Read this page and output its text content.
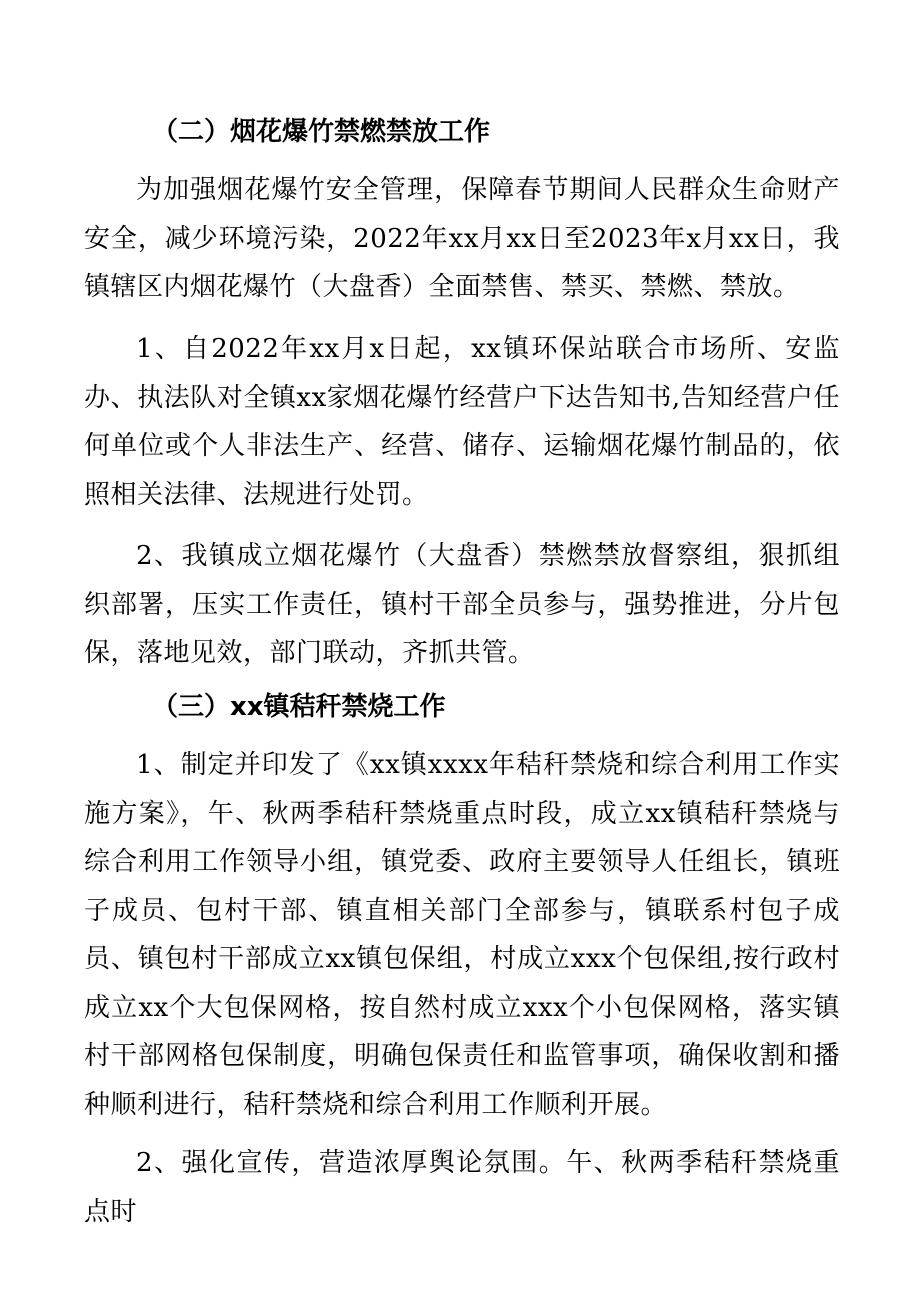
（二）烟花爆竹禁燃禁放工作

为加强烟花爆竹安全管理，保障春节期间人民群众生命财产安全，减少环境污染，2022年xx月xx日至2023年x月xx日，我镇辖区内烟花爆竹（大盘香）全面禁售、禁买、禁燃、禁放。

1、自2022年xx月x日起，xx镇环保站联合市场所、安监办、执法队对全镇xx家烟花爆竹经营户下达告知书,告知经营户任何单位或个人非法生产、经营、储存、运输烟花爆竹制品的，依照相关法律、法规进行处罚。

2、我镇成立烟花爆竹（大盘香）禁燃禁放督察组，狠抓组织部署，压实工作责任，镇村干部全员参与，强势推进，分片包保，落地见效，部门联动，齐抓共管。

（三）xx镇秸秆禁烧工作

1、制定并印发了《xx镇xxxx年秸秆禁烧和综合利用工作实施方案》，午、秋两季秸秆禁烧重点时段，成立xx镇秸秆禁烧与综合利用工作领导小组，镇党委、政府主要领导人任组长，镇班子成员、包村干部、镇直相关部门全部参与，镇联系村包子成员、镇包村干部成立xx镇包保组，村成立xxx个包保组,按行政村成立xx个大包保网格，按自然村成立xxx个小包保网格，落实镇村干部网格包保制度，明确包保责任和监管事项，确保收割和播种顺利进行，秸秆禁烧和综合利用工作顺利开展。

2、强化宣传，营造浓厚舆论氛围。午、秋两季秸秆禁烧重点时
